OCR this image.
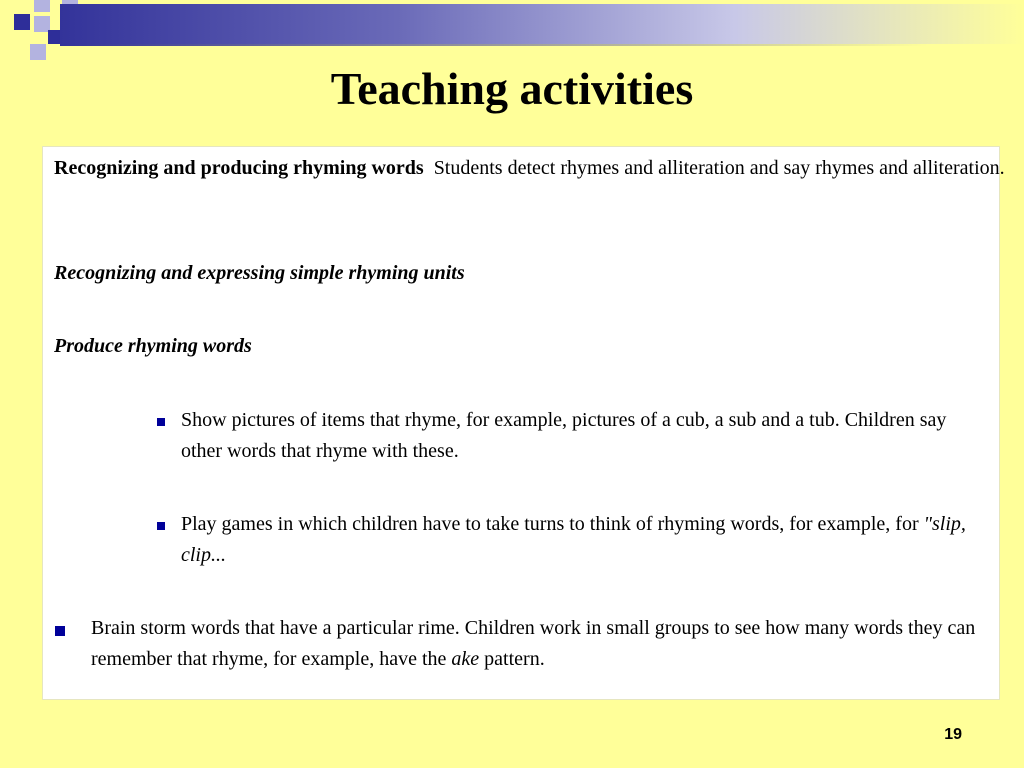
Teaching activities
Recognizing and producing rhyming words Students detect rhymes and alliteration and say rhymes and alliteration.
Recognizing and expressing simple rhyming units
Produce rhyming words
Show pictures of items that rhyme, for example, pictures of a cub, a sub and a tub. Children say other words that rhyme with these.
Play games in which children have to take turns to think of rhyming words, for example, for "slip, clip...
Brain storm words that have a particular rime. Children work in small groups to see how many words they can remember that rhyme, for example, have the ake pattern.
19
